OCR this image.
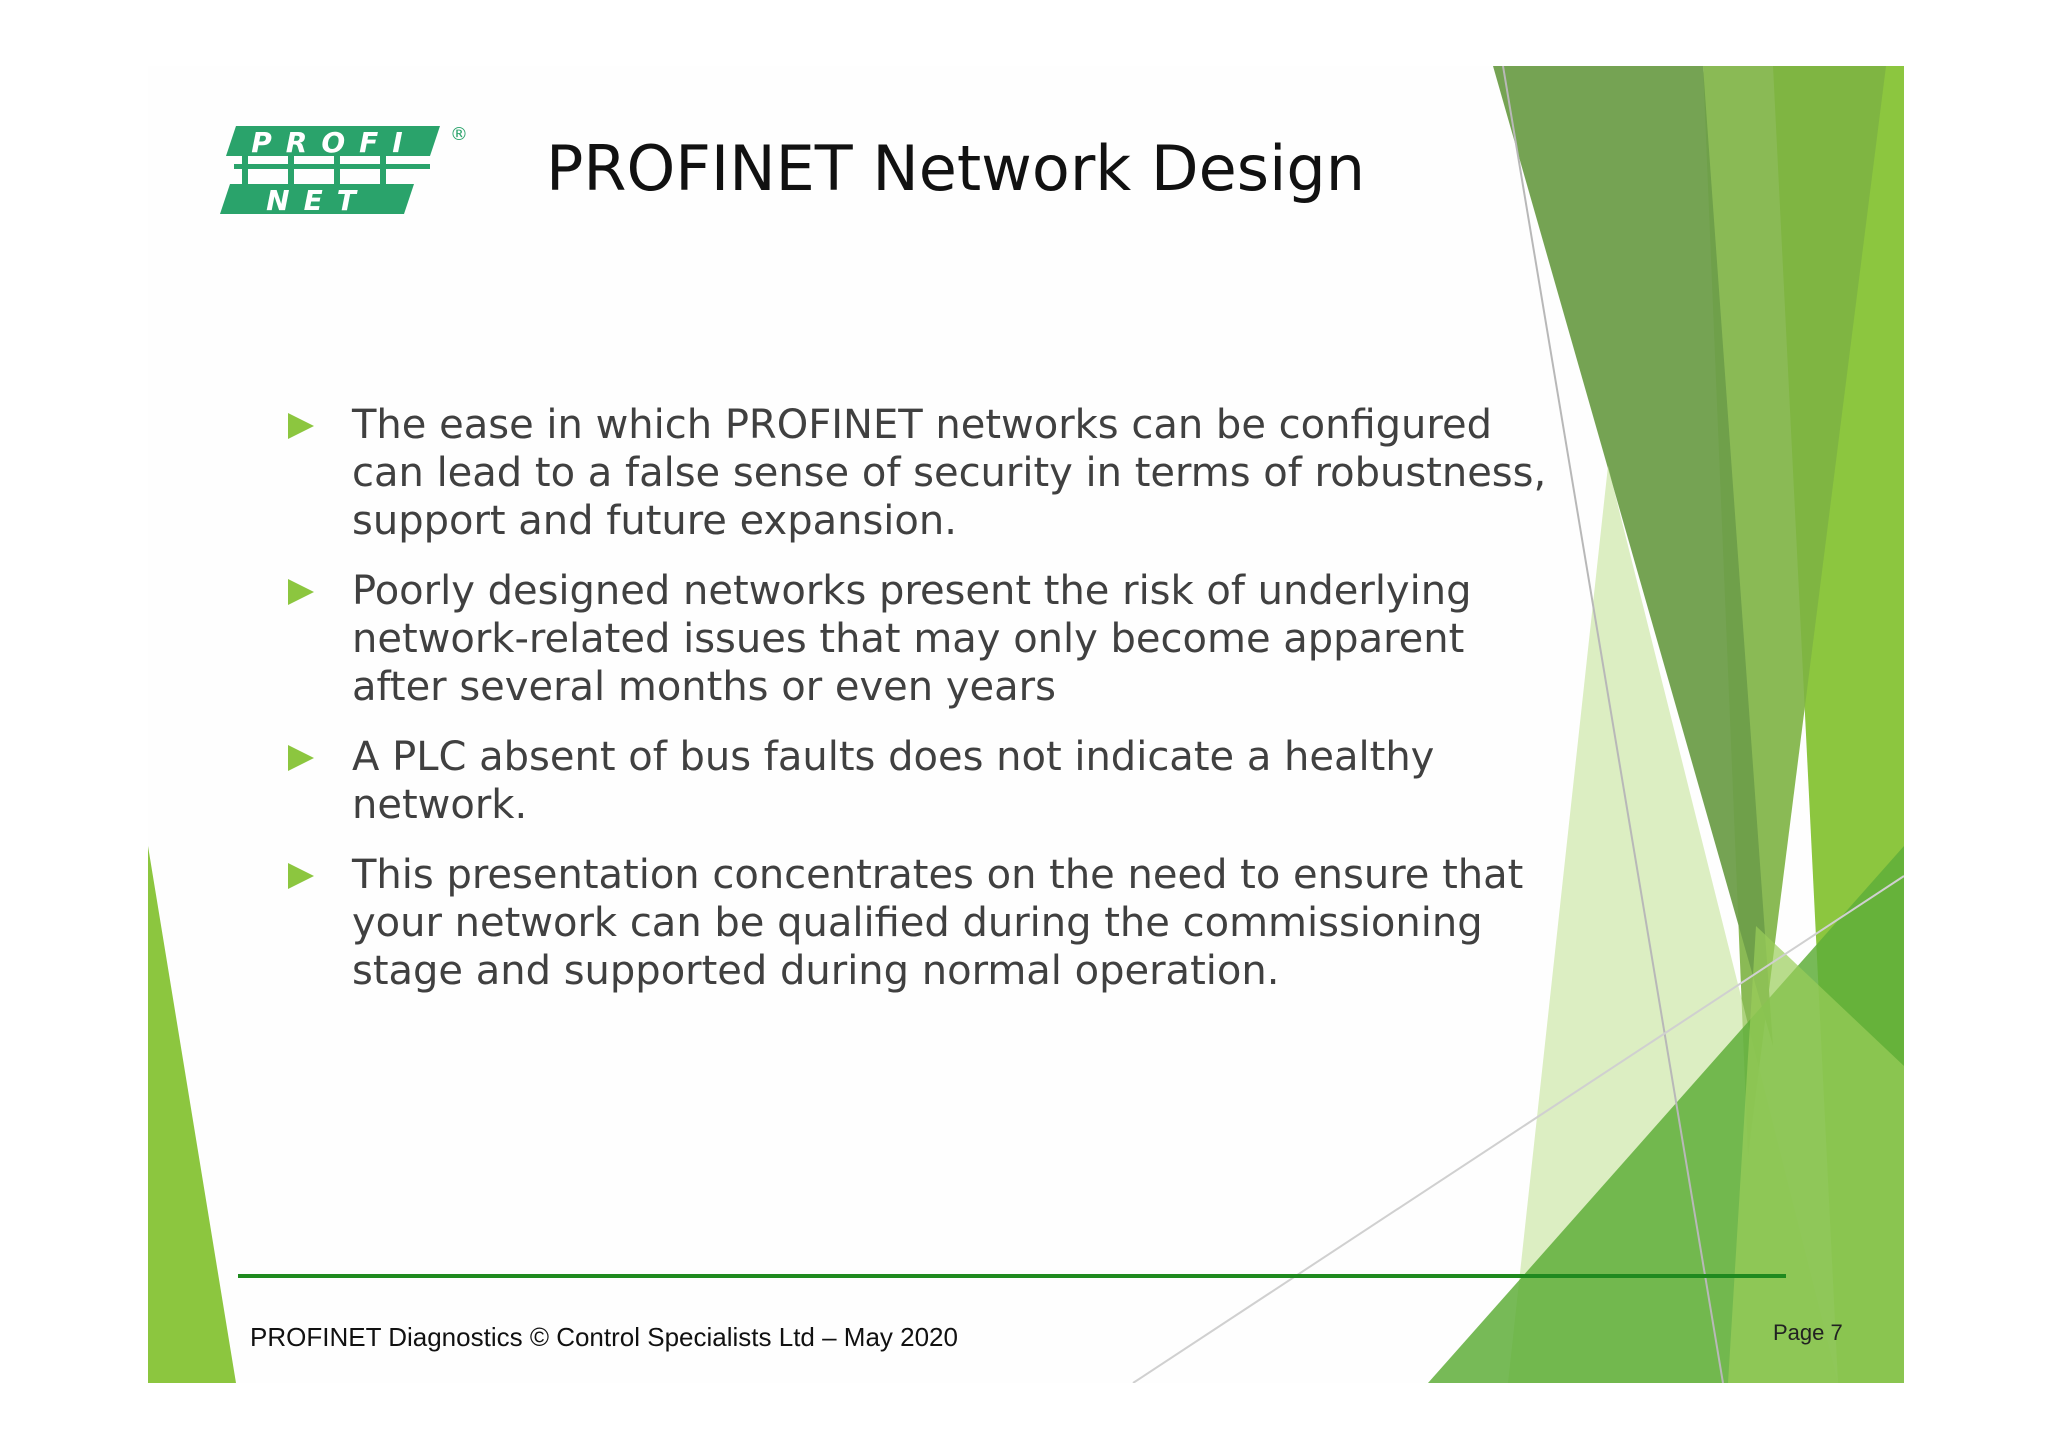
PROFI
NET
® PROFINET Network Design
The ease in which PROFINET networks can be configured
can lead to a false sense of security in terms of robustness,
support and future expansion.
Poorly designed networks present the risk of underlying
network-related issues that may only become apparent
after several months or even years
A PLC absent of bus faults does not indicate a healthy
network.
This presentation concentrates on the need to ensure that
your network can be qualified during the commissioning
stage and supported during normal operation.
PROFINET Diagnostics © Control Specialists Ltd – May 2020	Page 7
